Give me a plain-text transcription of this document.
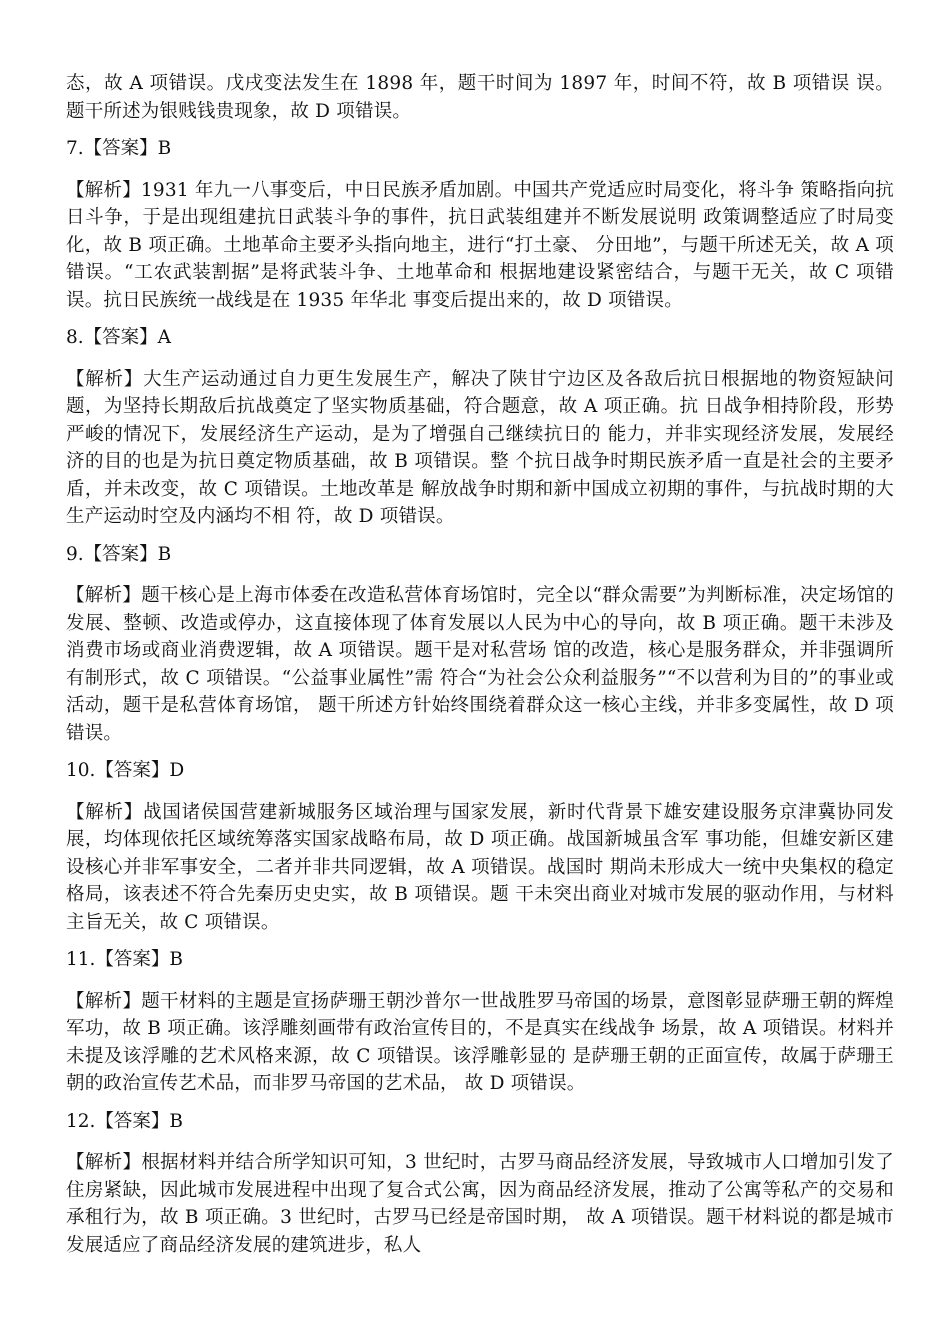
态，故 A 项错误。戊戌变法发生在 1898 年，题干时间为 1897 年，时间不符，故 B 项错误 误。题干所述为银贱钱贵现象，故 D 项错误。

7.【答案】B

【解析】1931 年九一八事变后，中日民族矛盾加剧。中国共产党适应时局变化，将斗争 策略指向抗日斗争，于是出现组建抗日武装斗争的事件，抗日武装组建并不断发展说明 政策调整适应了时局变化，故 B 项正确。土地革命主要矛头指向地主，进行“打土豪、 分田地”，与题干所述无关，故 A 项错误。“工农武装割据”是将武装斗争、土地革命和 根据地建设紧密结合，与题干无关，故 C 项错误。抗日民族统一战线是在 1935 年华北 事变后提出来的，故 D 项错误。

8.【答案】A

【解析】大生产运动通过自力更生发展生产，解决了陕甘宁边区及各敌后抗日根据地的物资短缺问题，为坚持长期敌后抗战奠定了坚实物质基础，符合题意，故 A 项正确。抗 日战争相持阶段，形势严峻的情况下，发展经济生产运动，是为了增强自己继续抗日的 能力，并非实现经济发展，发展经济的目的也是为抗日奠定物质基础，故 B 项错误。整 个抗日战争时期民族矛盾一直是社会的主要矛盾，并未改变，故 C 项错误。土地改革是 解放战争时期和新中国成立初期的事件，与抗战时期的大生产运动时空及内涵均不相 符，故 D 项错误。

9.【答案】B

【解析】题干核心是上海市体委在改造私营体育场馆时，完全以“群众需要”为判断标准，决定场馆的发展、整顿、改造或停办，这直接体现了体育发展以人民为中心的导向，故 B 项正确。题干未涉及消费市场或商业消费逻辑，故 A 项错误。题干是对私营场 馆的改造，核心是服务群众，并非强调所有制形式，故 C 项错误。“公益事业属性”需 符合“为社会公众利益服务”“不以营利为目的”的事业或活动，题干是私营体育场馆， 题干所述方针始终围绕着群众这一核心主线，并非多变属性，故 D 项错误。

10.【答案】D

【解析】战国诸侯国营建新城服务区域治理与国家发展，新时代背景下雄安建设服务京津冀协同发展，均体现依托区域统筹落实国家战略布局，故 D 项正确。战国新城虽含军 事功能，但雄安新区建设核心并非军事安全，二者并非共同逻辑，故 A 项错误。战国时 期尚未形成大一统中央集权的稳定格局，该表述不符合先秦历史史实，故 B 项错误。题 干未突出商业对城市发展的驱动作用，与材料主旨无关，故 C 项错误。

11.【答案】B

【解析】题干材料的主题是宣扬萨珊王朝沙普尔一世战胜罗马帝国的场景，意图彰显萨珊王朝的辉煌军功，故 B 项正确。该浮雕刻画带有政治宣传目的，不是真实在线战争 场景，故 A 项错误。材料并未提及该浮雕的艺术风格来源，故 C 项错误。该浮雕彰显的 是萨珊王朝的正面宣传，故属于萨珊王朝的政治宣传艺术品，而非罗马帝国的艺术品， 故 D 项错误。

12.【答案】B

【解析】根据材料并结合所学知识可知，3 世纪时，古罗马商品经济发展，导致城市人口增加引发了住房紧缺，因此城市发展进程中出现了复合式公寓，因为商品经济发展，推动了公寓等私产的交易和承租行为，故 B 项正确。3 世纪时，古罗马已经是帝国时期， 故 A 项错误。题干材料说的都是城市发展适应了商品经济发展的建筑进步，私人
